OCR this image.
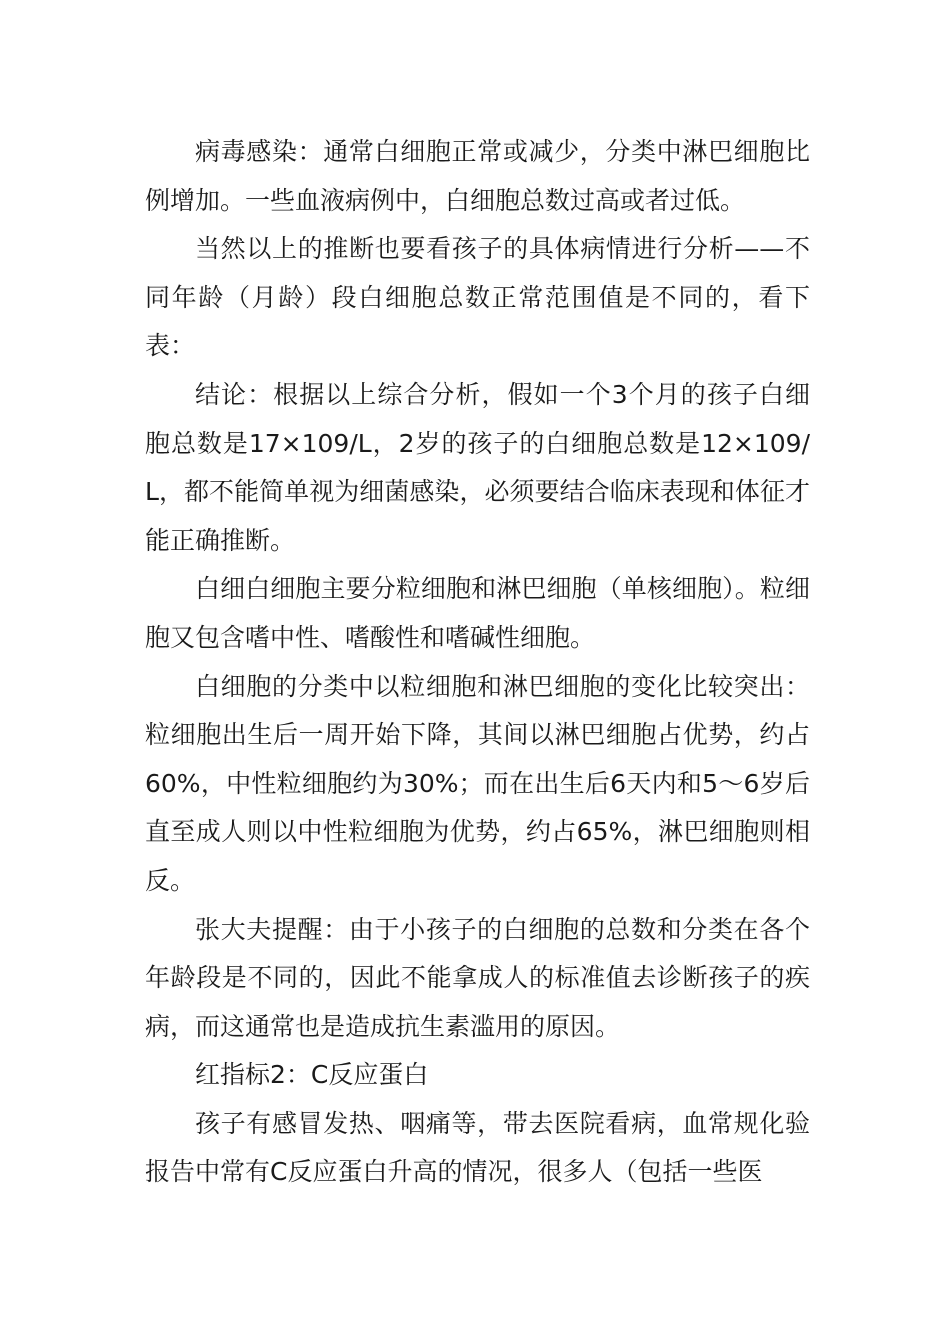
病毒感染：通常白细胞正常或减少，分类中淋巴细胞比例增加。一些血液病例中，白细胞总数过高或者过低。

当然以上的推断也要看孩子的具体病情进行分析——不同年龄（月龄）段白细胞总数正常范围值是不同的，看下表：

结论：根据以上综合分析，假如一个3个月的孩子白细胞总数是17×109/L，2岁的孩子的白细胞总数是12×109/L，都不能简单视为细菌感染，必须要结合临床表现和体征才能正确推断。

白细白细胞主要分粒细胞和淋巴细胞（单核细胞）。粒细胞又包含嗜中性、嗜酸性和嗜碱性细胞。

白细胞的分类中以粒细胞和淋巴细胞的变化比较突出：粒细胞出生后一周开始下降，其间以淋巴细胞占优势，约占60%，中性粒细胞约为30%；而在出生后6天内和5～6岁后直至成人则以中性粒细胞为优势，约占65%，淋巴细胞则相反。

张大夫提醒：由于小孩子的白细胞的总数和分类在各个年龄段是不同的，因此不能拿成人的标准值去诊断孩子的疾病，而这通常也是造成抗生素滥用的原因。

红指标2：C反应蛋白

孩子有感冒发热、咽痛等，带去医院看病，血常规化验报告中常有C反应蛋白升高的情况，很多人（包括一些医
